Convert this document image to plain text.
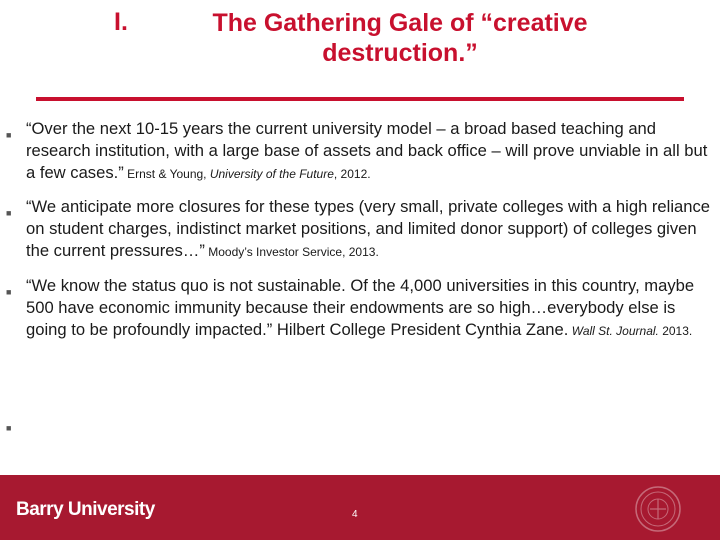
I.	The Gathering Gale of “creative destruction.”
■ “Over the next 10-15 years the current university model – a broad based teaching and research institution, with a large base of assets and back office – will prove unviable in all but a few cases.” Ernst & Young, University of the Future, 2012.
■ “We anticipate more closures for these types (very small, private colleges with a high reliance on student charges, indistinct market positions, and limited donor support) of colleges given the current pressures…” Moody’s Investor Service, 2013.
■ “We know the status quo is not sustainable. Of the 4,000 universities in this country, maybe 500 have economic immunity because their endowments are so high…everybody else is going to be profoundly impacted.” Hilbert College President Cynthia Zane. Wall St. Journal. 2013.
■
Barry University	4
